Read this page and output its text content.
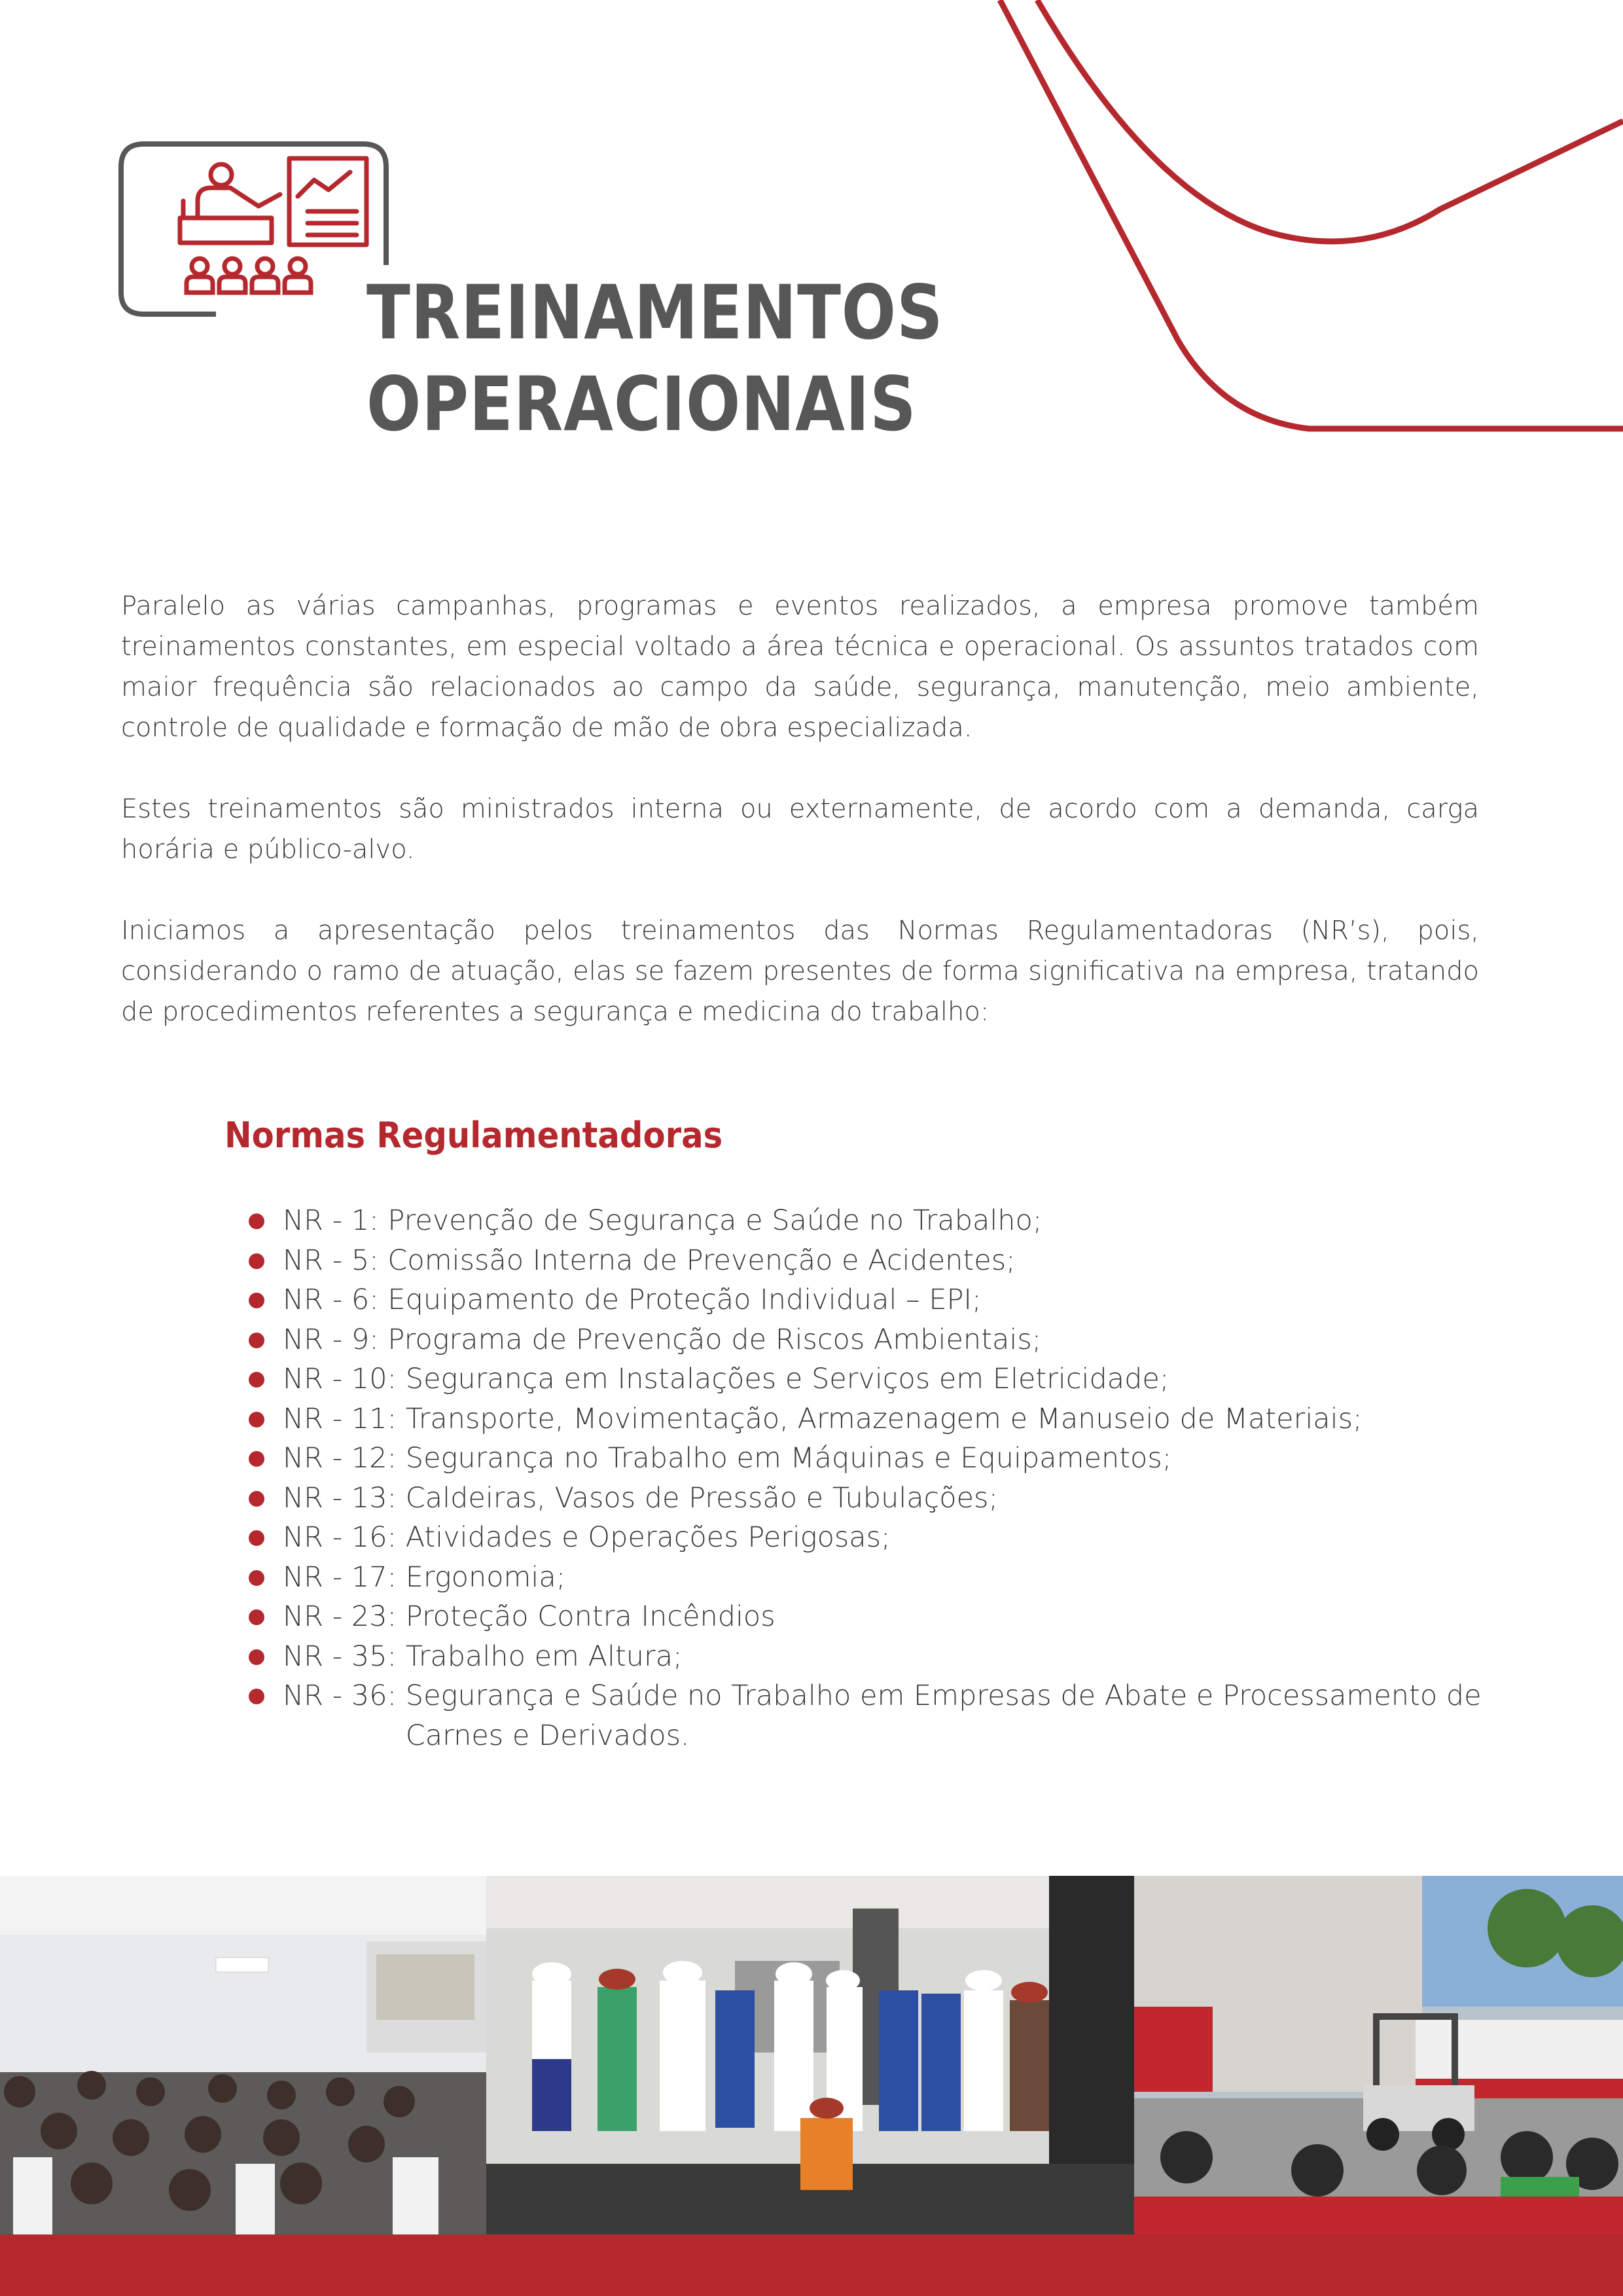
TREINAMENTOS
OPERACIONAIS

Paralelo as várias campanhas, programas e eventos realizados, a empresa promove também treinamentos constantes, em especial voltado a área técnica e operacional. Os assuntos tratados com maior frequência são relacionados ao campo da saúde, segurança, manutenção, meio ambiente, controle de qualidade e formação de mão de obra especializada.

Estes treinamentos são ministrados interna ou externamente, de acordo com a demanda, carga horária e público-alvo.

Iniciamos a apresentação pelos treinamentos das Normas Regulamentadoras (NR’s), pois, considerando o ramo de atuação, elas se fazem presentes de forma significativa na empresa, tratando de procedimentos referentes a segurança e medicina do trabalho:

Normas Regulamentadoras
NR - 1: Prevenção de Segurança e Saúde no Trabalho;
NR - 5: Comissão Interna de Prevenção e Acidentes;
NR - 6: Equipamento de Proteção Individual – EPI;
NR - 9: Programa de Prevenção de Riscos Ambientais;
NR - 10: Segurança em Instalações e Serviços em Eletricidade;
NR - 11: Transporte, Movimentação, Armazenagem e Manuseio de Materiais;
NR - 12: Segurança no Trabalho em Máquinas e Equipamentos;
NR - 13: Caldeiras, Vasos de Pressão e Tubulações;
NR - 16: Atividades e Operações Perigosas;
NR - 17: Ergonomia;
NR - 23: Proteção Contra Incêndios
NR - 35: Trabalho em Altura;
NR - 36: Segurança e Saúde no Trabalho em Empresas de Abate e Processamento de
Carnes e Derivados.
